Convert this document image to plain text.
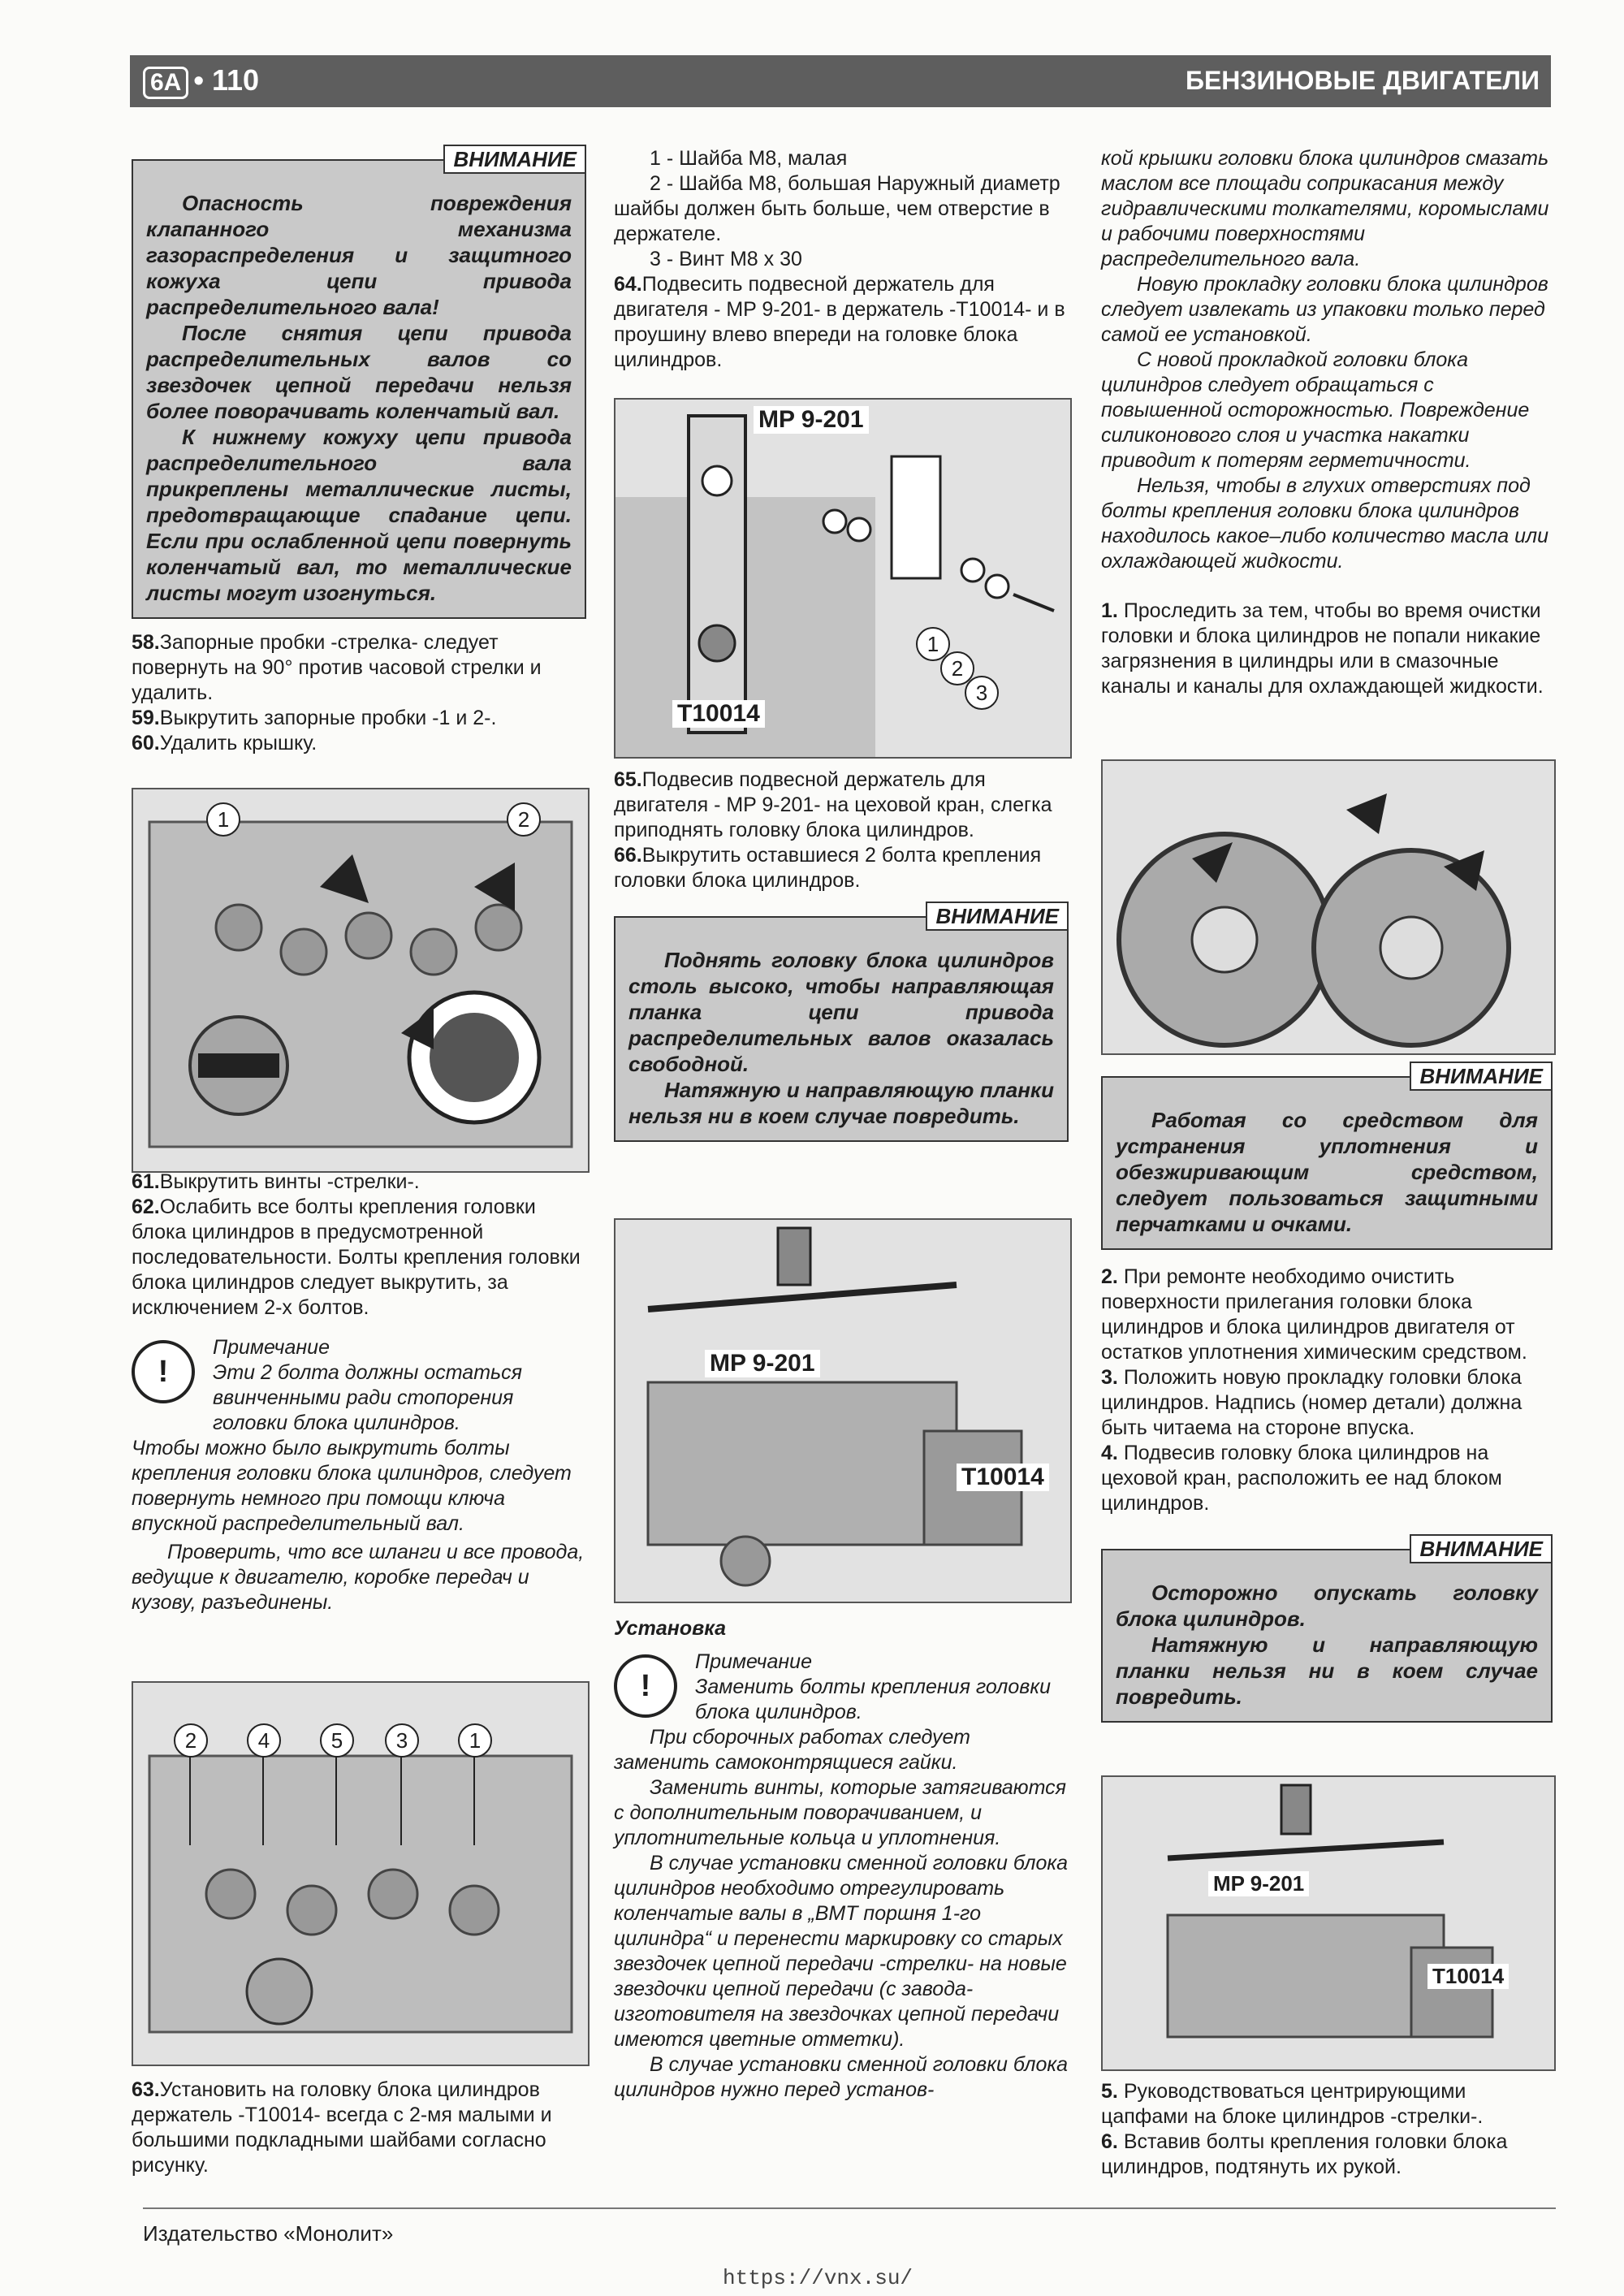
6A • 110	БЕНЗИНОВЫЕ ДВИГАТЕЛИ
ВНИМАНИЕ

Опасность повреждения клапанного механизма газораспределения и защитного кожуха цепи привода распределительного вала!

После снятия цепи привода распределительных валов со звездочек цепной передачи нельзя более поворачивать коленчатый вал.

К нижнему кожуху цепи привода распределительного вала прикреплены металлические листы, предотвращающие спадание цепи. Если при ослабленной цепи повернуть коленчатый вал, то металлические листы могут изогнуться.

58.Запорные пробки -стрелка- следует повернуть на 90° против часовой стрелки и удалить.

59.Выкрутить запорные пробки -1 и 2-.

60.Удалить крышку.

1	2

61.Выкрутить винты -стрелки-.

62.Ослабить все болты крепления головки блока цилиндров в предусмотренной последовательности. Болты крепления головки блока цилиндров следует выкрутить, за исключением 2-х болтов.

!

Примечание

Эти 2 болта должны остаться ввинченными ради стопорения головки блока цилиндров.

Чтобы можно было выкрутить болты крепления головки блока цилиндров, следует повернуть немного при помощи ключа впускной распределительный вал.

Проверить, что все шланги и все провода, ведущие к двигателю, коробке передач и кузову, разъединены.

2	4	5	3	1

63.Установить на головку блока цилиндров держатель -T10014- всегда с 2-мя малыми и большими подкладными шайбами согласно рисунку.

1 - Шайба М8, малая

2 - Шайба М8, большая Наружный диаметр шайбы должен быть больше, чем отверстие в держателе.

3 - Винт М8 x 30

64.Подвесить подвесной держатель для двигателя - MP 9-201- в держатель -T10014- и в проушину влево впереди на головке блока цилиндров.

MP 9-201
T10014
1
2
3

65.Подвесив подвесной держатель для двигателя - MP 9-201- на цеховой кран, слегка приподнять головку блока цилиндров.

66.Выкрутить оставшиеся 2 болта крепления головки блока цилиндров.

ВНИМАНИЕ

Поднять головку блока цилиндров столь высоко, чтобы направляющая планка цепи привода распределительных валов оказалась свободной.

Натяжную и направляющую планки нельзя ни в коем случае повредить.

MP 9-201
T10014

Установка

!

Примечание

Заменить болты крепления головки блока цилиндров.

При сборочных работах следует заменить самоконтрящиеся гайки.

Заменить винты, которые затягиваются с дополнительным поворачиванием, и уплотнительные кольца и уплотнения.

В случае установки сменной головки блока цилиндров необходимо отрегулировать коленчатые валы в „ВМТ поршня 1-го цилиндра“ и перенести маркировку со старых звездочек цепной передачи -стрелки- на новые звездочки цепной передачи (с завода-изготовителя на звездочках цепной передачи имеются цветные отметки).

В случае установки сменной головки блока цилиндров нужно перед установ-

кой крышки головки блока цилиндров смазать маслом все площади соприкасания между гидравлическими толкателями, коромыслами и рабочими поверхностями распределительного вала.

Новую прокладку головки блока цилиндров следует извлекать из упаковки только перед самой ее установкой.

С новой прокладкой головки блока цилиндров следует обращаться с повышенной осторожностью. Повреждение силиконового слоя и участка накатки приводит к потерям герметичности.

Нельзя, чтобы в глухих отверстиях под болты крепления головки блока цилиндров находилось какое–либо количество масла или охлаждающей жидкости.

1. Проследить за тем, чтобы во время очистки головки и блока цилиндров не попали никакие загрязнения в цилиндры или в смазочные каналы и каналы для охлаждающей жидкости.

ВНИМАНИЕ

Работая со средством для устранения уплотнения и обезжиривающим средством, следует пользоваться защитными перчатками и очками.

2. При ремонте необходимо очистить поверхности прилегания головки блока цилиндров и блока цилиндров двигателя от остатков уплотнения химическим средством.

3. Положить новую прокладку головки блока цилиндров. Надпись (номер детали) должна быть читаема на стороне впуска.

4. Подвесив головку блока цилиндров на цеховой кран, расположить ее над блоком цилиндров.

ВНИМАНИЕ

Осторожно опускать головку блока цилиндров.

Натяжную и направляющую планки нельзя ни в коем случае повредить.

MP 9-201
T10014

5. Руководствоваться центрирующими цапфами на блоке цилиндров -стрелки-.

6. Вставив болты крепления головки блока цилиндров, подтянуть их рукой.

Издательство «Монолит»
https://vnx.su/
